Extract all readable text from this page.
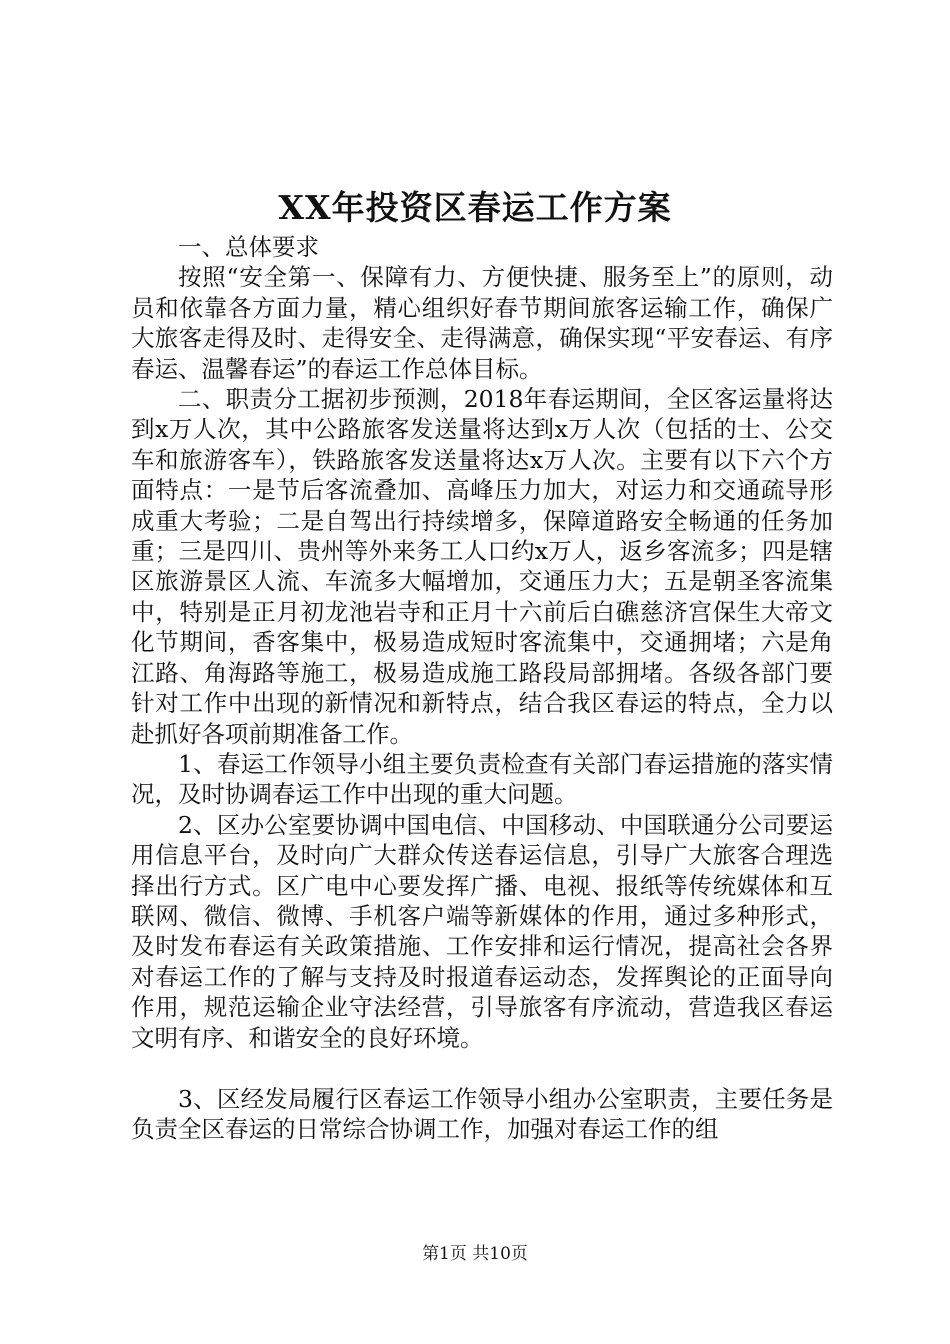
XX年投资区春运工作方案

一、总体要求

按照“安全第一、保障有力、方便快捷、服务至上”的原则，动员和依靠各方面力量，精心组织好春节期间旅客运输工作，确保广大旅客走得及时、走得安全、走得满意，确保实现“平安春运、有序春运、温馨春运”的春运工作总体目标。

二、职责分工据初步预测，2018年春运期间，全区客运量将达到x万人次，其中公路旅客发送量将达到x万人次（包括的士、公交车和旅游客车），铁路旅客发送量将达x万人次。主要有以下六个方面特点：一是节后客流叠加、高峰压力加大，对运力和交通疏导形成重大考验；二是自驾出行持续增多，保障道路安全畅通的任务加重；三是四川、贵州等外来务工人口约x万人，返乡客流多；四是辖区旅游景区人流、车流多大幅增加，交通压力大；五是朝圣客流集中，特别是正月初龙池岩寺和正月十六前后白礁慈济宫保生大帝文化节期间，香客集中，极易造成短时客流集中，交通拥堵；六是角江路、角海路等施工，极易造成施工路段局部拥堵。各级各部门要针对工作中出现的新情况和新特点，结合我区春运的特点，全力以赴抓好各项前期准备工作。

1、春运工作领导小组主要负责检查有关部门春运措施的落实情况，及时协调春运工作中出现的重大问题。

2、区办公室要协调中国电信、中国移动、中国联通分公司要运用信息平台，及时向广大群众传送春运信息，引导广大旅客合理选择出行方式。区广电中心要发挥广播、电视、报纸等传统媒体和互联网、微信、微博、手机客户端等新媒体的作用，通过多种形式，及时发布春运有关政策措施、工作安排和运行情况，提高社会各界对春运工作的了解与支持及时报道春运动态，发挥舆论的正面导向作用，规范运输企业守法经营，引导旅客有序流动，营造我区春运文明有序、和谐安全的良好环境。

3、区经发局履行区春运工作领导小组办公室职责，主要任务是负责全区春运的日常综合协调工作，加强对春运工作的组

第1页 共10页
